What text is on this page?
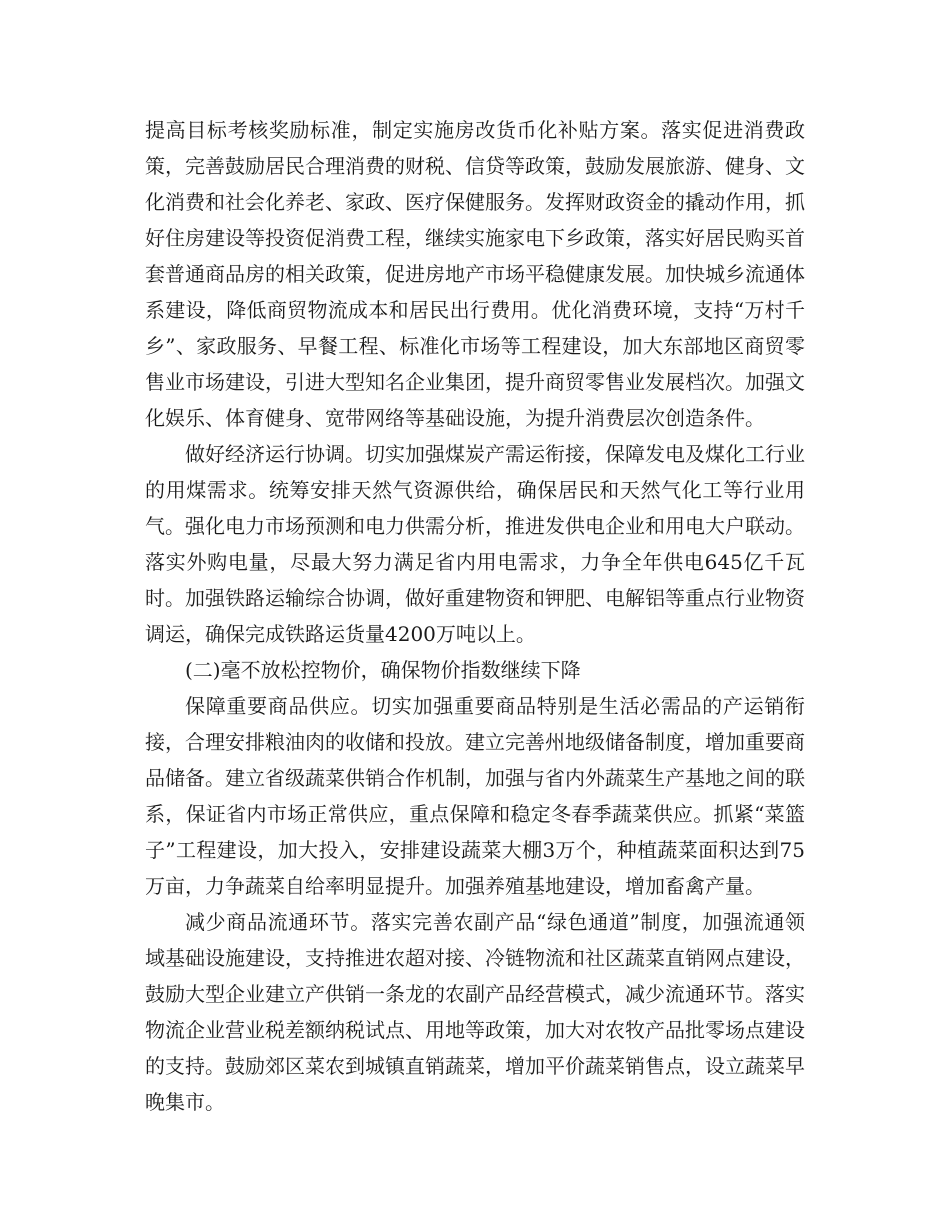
提高目标考核奖励标准，制定实施房改货币化补贴方案。落实促进消费政策，完善鼓励居民合理消费的财税、信贷等政策，鼓励发展旅游、健身、文化消费和社会化养老、家政、医疗保健服务。发挥财政资金的撬动作用，抓好住房建设等投资促消费工程，继续实施家电下乡政策，落实好居民购买首套普通商品房的相关政策，促进房地产市场平稳健康发展。加快城乡流通体系建设，降低商贸物流成本和居民出行费用。优化消费环境，支持“万村千乡”、家政服务、早餐工程、标准化市场等工程建设，加大东部地区商贸零售业市场建设，引进大型知名企业集团，提升商贸零售业发展档次。加强文化娱乐、体育健身、宽带网络等基础设施，为提升消费层次创造条件。

做好经济运行协调。切实加强煤炭产需运衔接，保障发电及煤化工行业的用煤需求。统筹安排天然气资源供给，确保居民和天然气化工等行业用气。强化电力市场预测和电力供需分析，推进发供电企业和用电大户联动。落实外购电量，尽最大努力满足省内用电需求，力争全年供电645亿千瓦时。加强铁路运输综合协调，做好重建物资和钾肥、电解铝等重点行业物资调运，确保完成铁路运货量4200万吨以上。

(二)毫不放松控物价，确保物价指数继续下降

保障重要商品供应。切实加强重要商品特别是生活必需品的产运销衔接，合理安排粮油肉的收储和投放。建立完善州地级储备制度，增加重要商品储备。建立省级蔬菜供销合作机制，加强与省内外蔬菜生产基地之间的联系，保证省内市场正常供应，重点保障和稳定冬春季蔬菜供应。抓紧“菜篮子”工程建设，加大投入，安排建设蔬菜大棚3万个，种植蔬菜面积达到75万亩，力争蔬菜自给率明显提升。加强养殖基地建设，增加畜禽产量。

减少商品流通环节。落实完善农副产品“绿色通道”制度，加强流通领域基础设施建设，支持推进农超对接、冷链物流和社区蔬菜直销网点建设，鼓励大型企业建立产供销一条龙的农副产品经营模式，减少流通环节。落实物流企业营业税差额纳税试点、用地等政策，加大对农牧产品批零场点建设的支持。鼓励郊区菜农到城镇直销蔬菜，增加平价蔬菜销售点，设立蔬菜早晚集市。
